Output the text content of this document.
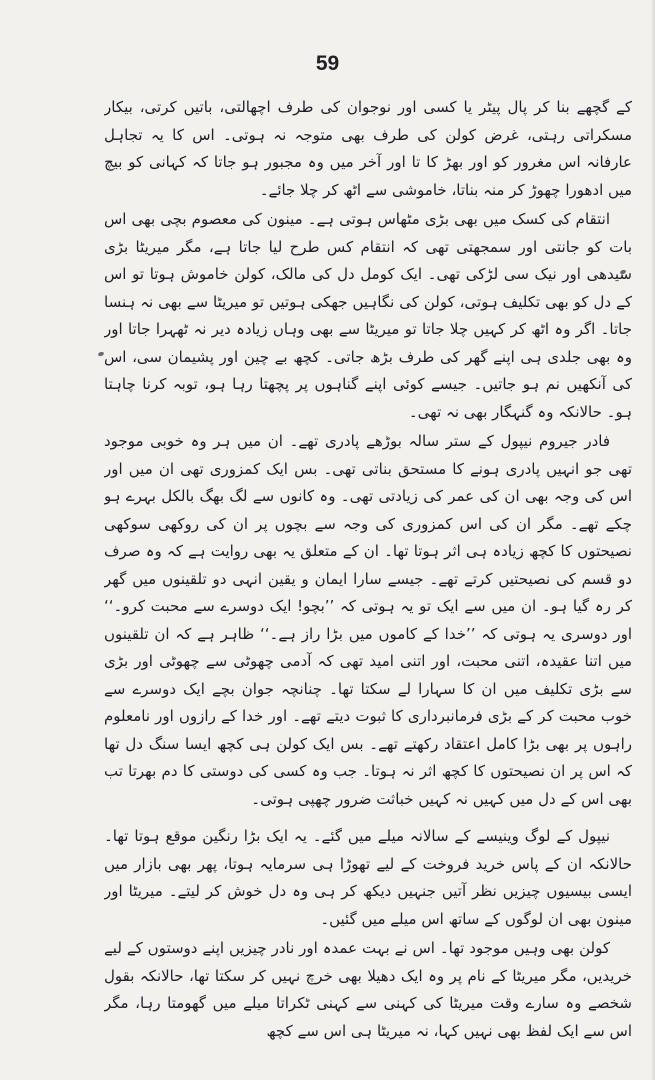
59

کے گچھے بنا کر پال پیٹر یا کسی اور نوجوان کی طرف اچھالتی، باتیں کرتی، بیکار مسکراتی رہتی، غرض کولن کی طرف بھی متوجہ نہ ہوتی۔ اس کا یہ تجاہل عارفانہ اس مغرور کو اور بھڑ کا تا اور آخر میں وہ مجبور ہو جاتا کہ کہانی کو بیچ میں ادھورا چھوڑ کر منہ بناتا، خاموشی سے اٹھ کر چلا جائے۔

انتقام کی کسک میں بھی بڑی مٹھاس ہوتی ہے۔ مینون کی معصوم بچی بھی اس بات کو جانتی اور سمجھتی تھی کہ انتقام کس طرح لیا جاتا ہے، مگر میریٹا بڑی سیدھی اور نیک سی لڑکی تھی۔ ایک کومل دل کی مالک، کولن خاموش ہوتا تو اس کے دل کو بھی تکلیف ہوتی، کولن کی نگاہیں جھکی ہوتیں تو میریٹا سے بھی نہ ہنسا جاتا۔ اگر وہ اٹھ کر کہیں چلا جاتا تو میریٹا سے بھی وہاں زیادہ دیر نہ ٹھہرا جاتا اور وہ بھی جلدی ہی اپنے گھر کی طرف بڑھ جاتی۔ کچھ بے چین اور پشیمان سی، اس کی آنکھیں نم ہو جاتیں۔ جیسے کوئی اپنے گناہوں پر پچھتا رہا ہو، توبہ کرنا چاہتا ہو۔ حالانکہ وہ گنہگار بھی نہ تھی۔

فادر جیروم نیپول کے ستر سالہ بوڑھے پادری تھے۔ ان میں ہر وہ خوبی موجود تھی جو انہیں پادری ہونے کا مستحق بناتی تھی۔ بس ایک کمزوری تھی ان میں اور اس کی وجہ بھی ان کی عمر کی زیادتی تھی۔ وہ کانوں سے لگ بھگ بالکل بہرے ہو چکے تھے۔ مگر ان کی اس کمزوری کی وجہ سے بچوں پر ان کی روکھی سوکھی نصیحتوں کا کچھ زیادہ ہی اثر ہوتا تھا۔ ان کے متعلق یہ بھی روایت ہے کہ وہ صرف دو قسم کی نصیحتیں کرتے تھے۔ جیسے سارا ایمان و یقین انہی دو تلقینوں میں گھر کر رہ گیا ہو۔ ان میں سے ایک تو یہ ہوتی کہ ’’بچو! ایک دوسرے سے محبت کرو۔‘‘ اور دوسری یہ ہوتی کہ ’’خدا کے کاموں میں بڑا راز ہے۔‘‘ ظاہر ہے کہ ان تلقینوں میں اتنا عقیدہ، اتنی محبت، اور اتنی امید تھی کہ آدمی چھوٹی سے چھوٹی اور بڑی سے بڑی تکلیف میں ان کا سہارا لے سکتا تھا۔ چنانچہ جوان بچے ایک دوسرے سے خوب محبت کر کے بڑی فرمانبرداری کا ثبوت دیتے تھے۔ اور خدا کے رازوں اور نامعلوم راہوں پر بھی بڑا کامل اعتقاد رکھتے تھے۔ بس ایک کولن ہی کچھ ایسا سنگ دل تھا کہ اس پر ان نصیحتوں کا کچھ اثر نہ ہوتا۔ جب وہ کسی کی دوستی کا دم بھرتا تب بھی اس کے دل میں کہیں نہ کہیں خباثت ضرور چھپی ہوتی۔

نیپول کے لوگ وینیسے کے سالانہ میلے میں گئے۔ یہ ایک بڑا رنگین موقع ہوتا تھا۔ حالانکہ ان کے پاس خرید فروخت کے لیے تھوڑا ہی سرمایہ ہوتا، پھر بھی بازار میں ایسی بیسیوں چیزیں نظر آتیں جنہیں دیکھ کر ہی وہ دل خوش کر لیتے۔ میریٹا اور مینون بھی ان لوگوں کے ساتھ اس میلے میں گئیں۔

کولن بھی وہیں موجود تھا۔ اس نے بہت عمدہ اور نادر چیزیں اپنے دوستوں کے لیے خریدیں، مگر میریٹا کے نام پر وہ ایک دھیلا بھی خرچ نہیں کر سکتا تھا، حالانکہ بقول شخصے وہ سارے وقت میریٹا کی کہنی سے کہنی ٹکراتا میلے میں گھومتا رہا، مگر اس سے ایک لفظ بھی نہیں کہا، نہ میریٹا ہی اس سے کچھ
